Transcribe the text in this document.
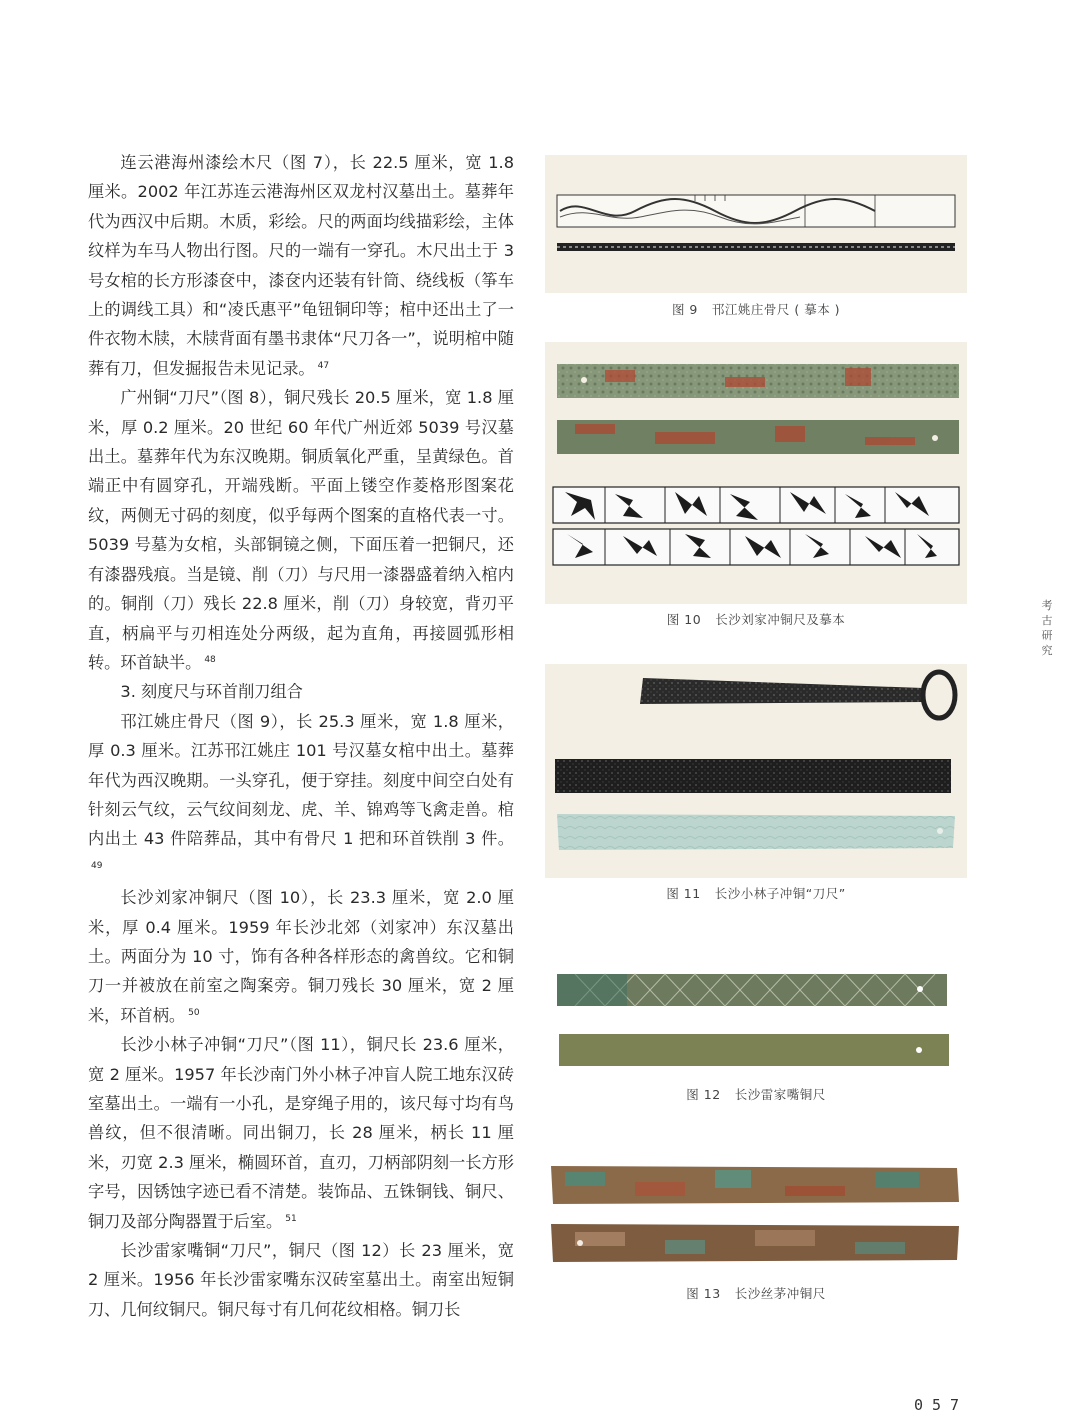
连云港海州漆绘木尺（图 7），长 22.5 厘米，宽 1.8 厘米。2002 年江苏连云港海州区双龙村汉墓出土。墓葬年代为西汉中后期。木质，彩绘。尺的两面均线描彩绘，主体纹样为车马人物出行图。尺的一端有一穿孔。木尺出土于 3 号女棺的长方形漆奁中，漆奁内还装有针筒、绕线板（筝车上的调线工具）和“凌氏惠平”龟钮铜印等；棺中还出土了一件衣物木牍，木牍背面有墨书隶体“尺刀各一”，说明棺中随葬有刀，但发掘报告未见记录。 $^{47}$

广州铜“刀尺”（图 8），铜尺残长 20.5 厘米，宽 1.8 厘米，厚 0.2 厘米。20 世纪 60 年代广州近郊 5039 号汉墓出土。墓葬年代为东汉晚期。铜质氧化严重，呈黄绿色。首端正中有圆穿孔，开端残断。平面上镂空作菱格形图案花纹，两侧无寸码的刻度，似乎每两个图案的直格代表一寸。5039 号墓为女棺，头部铜镜之侧，下面压着一把铜尺，还有漆器残痕。当是镜、削（刀）与尺用一漆器盛着纳入棺内的。铜削（刀）残长 22.8 厘米，削（刀）身较宽，背刃平直，柄扁平与刃相连处分两级，起为直角，再接圆弧形相转。环首缺半。 $^{48}$

3. 刻度尺与环首削刀组合

邗江姚庄骨尺（图 9），长 25.3 厘米，宽 1.8 厘米，厚 0.3 厘米。江苏邗江姚庄 101 号汉墓女棺中出土。墓葬年代为西汉晚期。一头穿孔，便于穿挂。刻度中间空白处有针刻云气纹，云气纹间刻龙、虎、羊、锦鸡等飞禽走兽。棺内出土 43 件陪葬品，其中有骨尺 1 把和环首铁削 3 件。$^{49}$

长沙刘家冲铜尺（图 10），长 23.3 厘米，宽 2.0 厘米，厚 0.4 厘米。1959 年长沙北郊（刘家冲）东汉墓出土。两面分为 10 寸，饰有各种各样形态的禽兽纹。它和铜刀一并被放在前室之陶案旁。铜刀残长 30 厘米，宽 2 厘米，环首柄。 $^{50}$

长沙小林子冲铜“刀尺”（图 11），铜尺长 23.6 厘米，宽 2 厘米。1957 年长沙南门外小林子冲盲人院工地东汉砖室墓出土。一端有一小孔，是穿绳子用的，该尺每寸均有鸟兽纹，但不很清晰。同出铜刀，长 28 厘米，柄长 11 厘米，刃宽 2.3 厘米，椭圆环首，直刃，刀柄部阴刻一长方形字号，因锈蚀字迹已看不清楚。装饰品、五铢铜钱、铜尺、铜刀及部分陶器置于后室。 $^{51}$

长沙雷家嘴铜“刀尺”，铜尺（图 12）长 23 厘米，宽 2 厘米。1956 年长沙雷家嘴东汉砖室墓出土。南室出短铜刀、几何纹铜尺。铜尺每寸有几何花纹相格。铜刀长

图 9 邗江姚庄骨尺 ( 摹本 )
图 10 长沙刘家冲铜尺及摹本
图 11 长沙小林子冲铜“刀尺”
图 12 长沙雷家嘴铜尺
图 13 长沙丝茅冲铜尺
考
古
研
究
057
